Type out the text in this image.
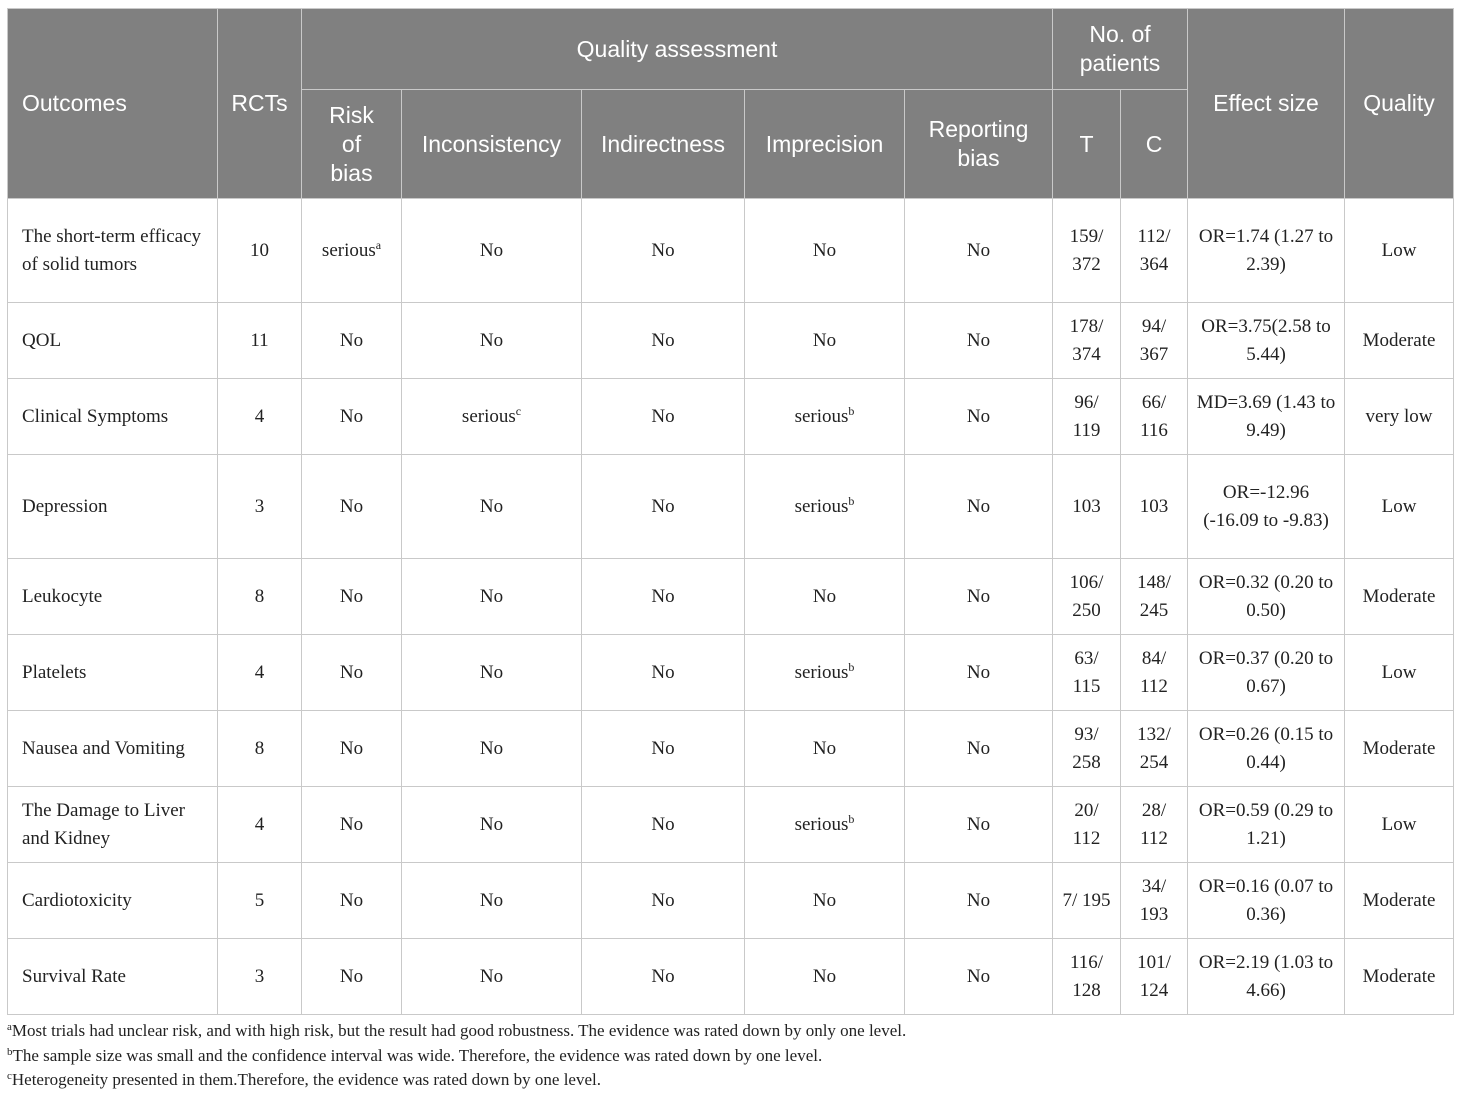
Outcomes	RCTs	Quality assessment					No. of patients		Effect size	Quality
		Risk of bias	Inconsistency	Indirectness	Imprecision	Reporting bias	T	C		
The short-term efficacy of solid tumors	10	serious$^a$	No	No	No	No	159/ 372	112/ 364	OR=1.74 (1.27 to 2.39)	Low
QOL	11	No	No	No	No	No	178/ 374	94/ 367	OR=3.75(2.58 to 5.44)	Moderate
Clinical Symptoms	4	No	serious$^c$	No	serious$^b$	No	96/ 119	66/ 116	MD=3.69 (1.43 to 9.49)	very low
Depression	3	No	No	No	serious$^b$	No	103	103	OR=-12.96 (-16.09 to -9.83)	Low
Leukocyte	8	No	No	No	No	No	106/ 250	148/ 245	OR=0.32 (0.20 to 0.50)	Moderate
Platelets	4	No	No	No	serious$^b$	No	63/ 115	84/ 112	OR=0.37 (0.20 to 0.67)	Low
Nausea and Vomiting	8	No	No	No	No	No	93/ 258	132/ 254	OR=0.26 (0.15 to 0.44)	Moderate
The Damage to Liver and Kidney	4	No	No	No	serious$^b$	No	20/ 112	28/ 112	OR=0.59 (0.29 to 1.21)	Low
Cardiotoxicity	5	No	No	No	No	No	7/ 195	34/ 193	OR=0.16 (0.07 to 0.36)	Moderate
Survival Rate	3	No	No	No	No	No	116/ 128	101/ 124	OR=2.19 (1.03 to 4.66)	Moderate
$^a$Most trials had unclear risk, and with high risk, but the result had good robustness. The evidence was rated down by only one level.
$^b$The sample size was small and the confidence interval was wide. Therefore, the evidence was rated down by one level.
$^c$Heterogeneity presented in them.Therefore, the evidence was rated down by one level.
